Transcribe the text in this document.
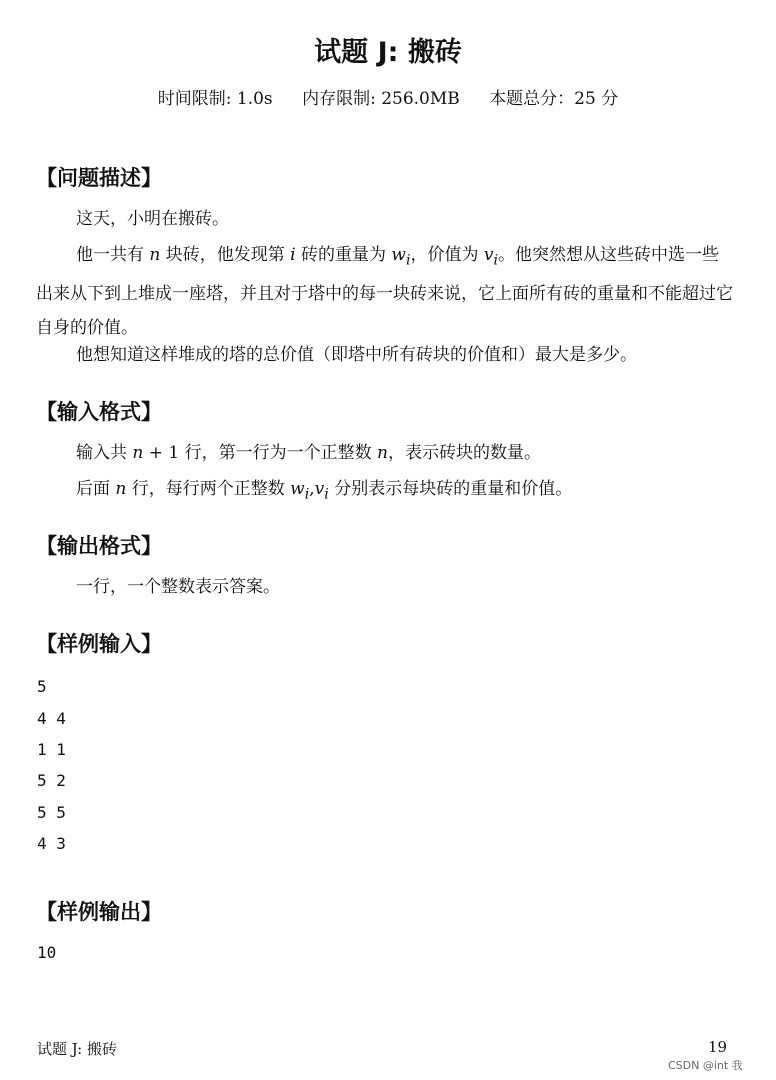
试题 J: 搬砖
时间限制: 1.0s 内存限制: 256.0MB 本题总分：25 分
【问题描述】
这天，小明在搬砖。
他一共有 n 块砖，他发现第 i 砖的重量为 $w_i$，价值为 $v_i$。他突然想从这些砖中选一些出来从下到上堆成一座塔，并且对于塔中的每一块砖来说，它上面所有砖的重量和不能超过它自身的价值。
他想知道这样堆成的塔的总价值（即塔中所有砖块的价值和）最大是多少。
【输入格式】
输入共 n + 1 行，第一行为一个正整数 n，表示砖块的数量。
后面 n 行，每行两个正整数 $w_i,v_i$ 分别表示每块砖的重量和价值。
【输出格式】
一行，一个整数表示答案。
【样例输入】
5
4 4
1 1
5 2
5 5
4 3
【样例输出】
10
试题 J: 搬砖	19
CSDN @int 我
